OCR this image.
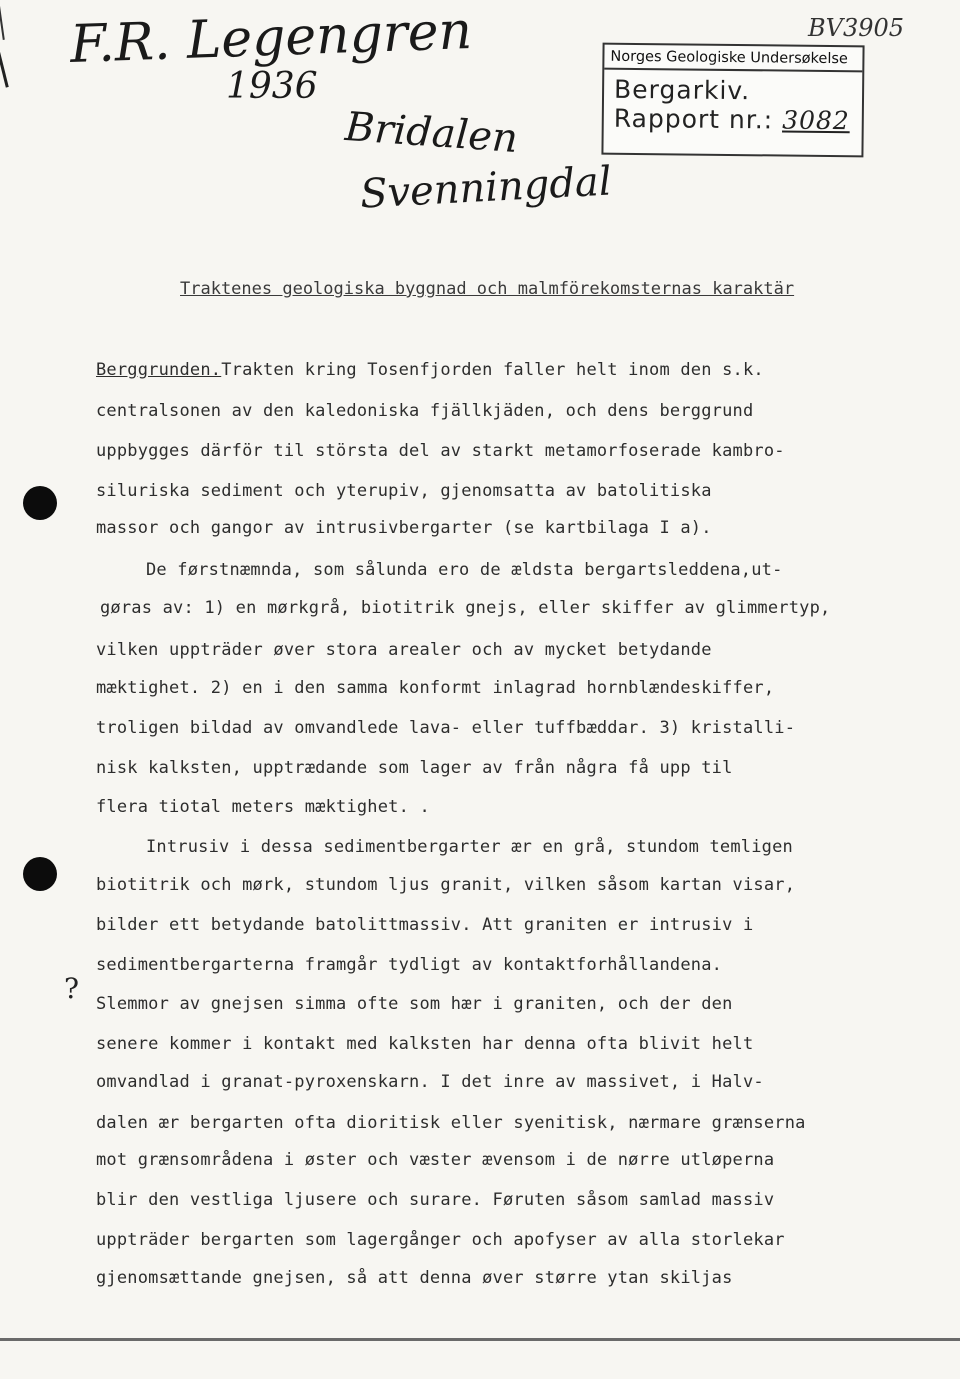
F.R. Legengren
1936
Bridalen
Svenningdal
BV3905
Norges Geologiske Undersøkelse
Bergarkiv.
Rapport nr.: 3082
Traktenes geologiska byggnad och malmförekomsternas karaktär
Berggrunden.Trakten kring Tosenfjorden faller helt inom den s.k.
centralsonen av den kaledoniska fjällkjäden, och dens berggrund
uppbygges därför til största del av starkt metamorfoserade kambro-
siluriska sediment och yterupiv, gjenomsatta av batolitiska
massor och gangor av intrusivbergarter (se kartbilaga I a).
De førstnæmnda, som sålunda ero de ældsta bergartsleddena,ut-
gøras av: 1) en mørkgrå, biotitrik gnejs, eller skiffer av glimmertyp,
vilken uppträder øver stora arealer och av mycket betydande
mæktighet. 2) en i den samma konformt inlagrad hornblændeskiffer,
troligen bildad av omvandlede lava- eller tuffbæddar. 3) kristalli-
nisk kalksten, upptrædande som lager av från några få upp til
flera tiotal meters mæktighet. .
Intrusiv i dessa sedimentbergarter ær en grå, stundom temligen
biotitrik och mørk, stundom ljus granit, vilken såsom kartan visar,
bilder ett betydande batolittmassiv. Att graniten er intrusiv i
sedimentbergarterna framgår tydligt av kontaktforhållandena.
Slemmor av gnejsen simma ofte som hær i graniten, och der den
senere kommer i kontakt med kalksten har denna ofta blivit helt
omvandlad i granat-pyroxenskarn. I det inre av massivet, i Halv-
dalen ær bergarten ofta dioritisk eller syenitisk, nærmare grænserna
mot grænsområdena i øster och væster ævensom i de nørre utløperna
blir den vestliga ljusere och surare. Føruten såsom samlad massiv
uppträder bergarten som lagergånger och apofyser av alla storlekar
gjenomsættande gnejsen, så att denna øver større ytan skiljas
?
